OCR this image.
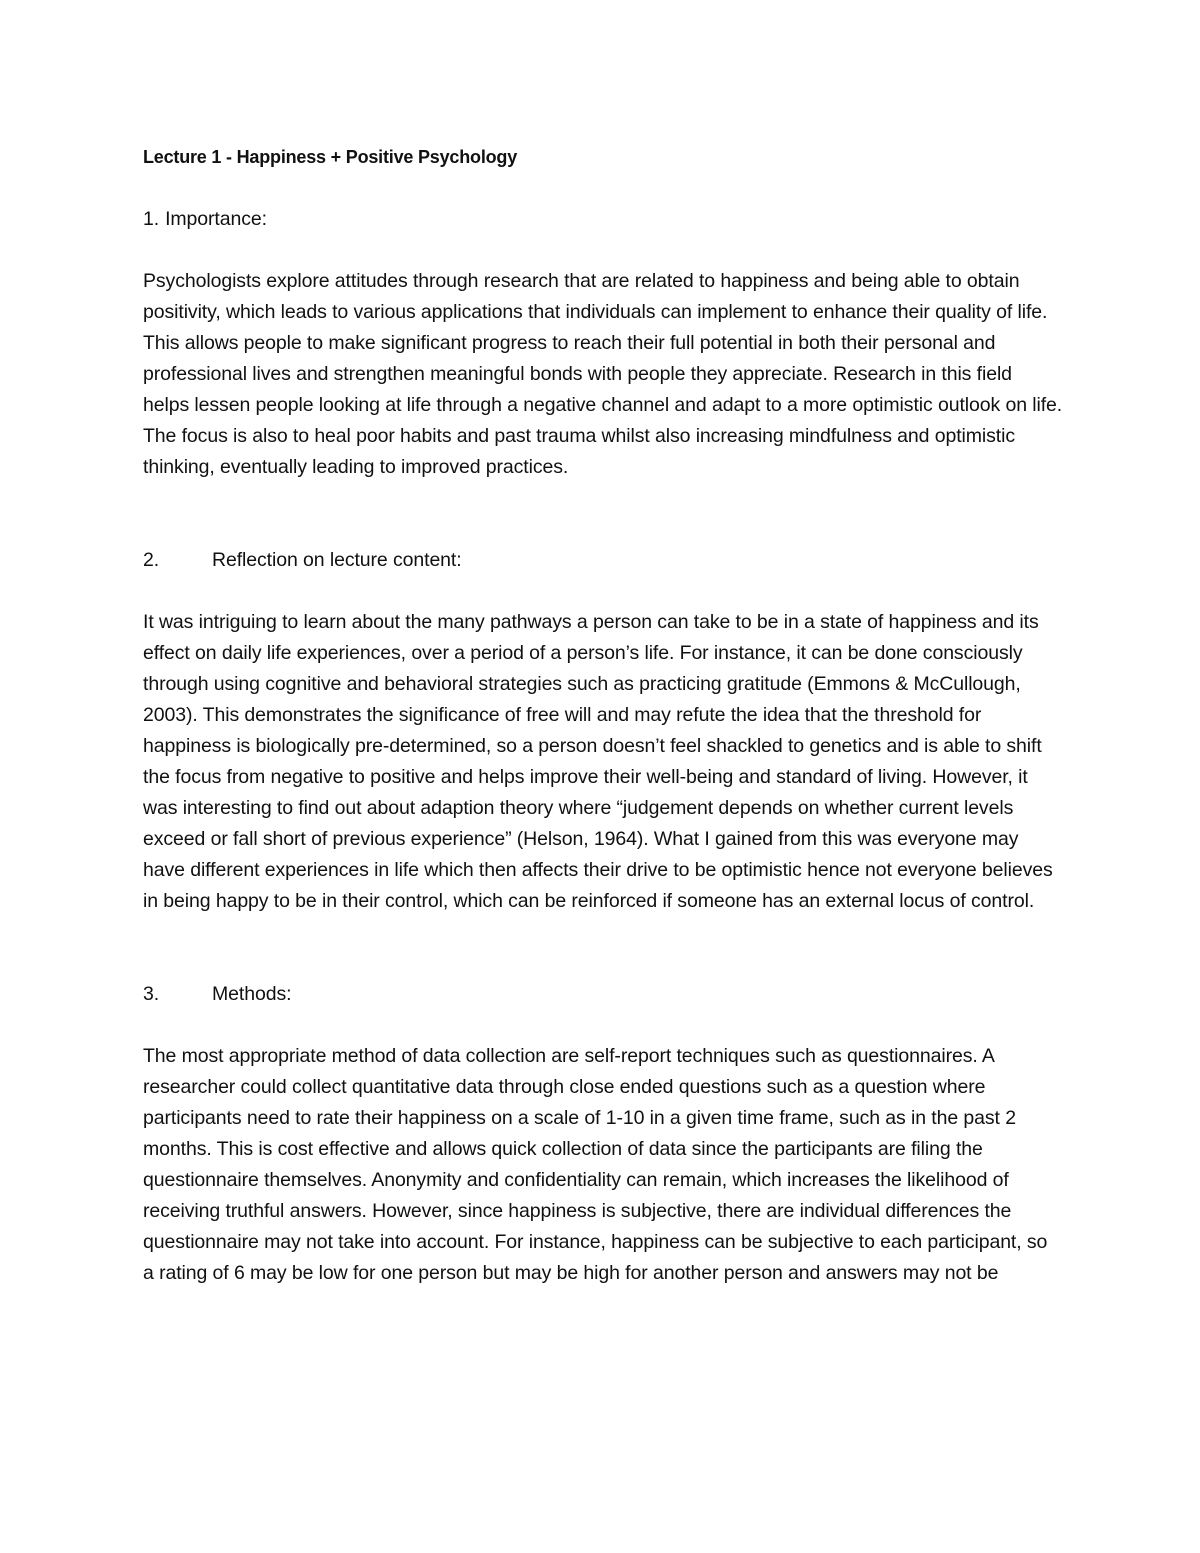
Lecture 1 - Happiness + Positive Psychology

1. Importance:

Psychologists explore attitudes through research that are related to happiness and being able to obtain positivity, which leads to various applications that individuals can implement to enhance their quality of life. This allows people to make significant progress to reach their full potential in both their personal and professional lives and strengthen meaningful bonds with people they appreciate. Research in this field helps lessen people looking at life through a negative channel and adapt to a more optimistic outlook on life. The focus is also to heal poor habits and past trauma whilst also increasing mindfulness and optimistic thinking, eventually leading to improved practices.

2.	Reflection on lecture content:

It was intriguing to learn about the many pathways a person can take to be in a state of happiness and its effect on daily life experiences, over a period of a person’s life. For instance, it can be done consciously through using cognitive and behavioral strategies such as practicing gratitude (Emmons & McCullough, 2003). This demonstrates the significance of free will and may refute the idea that the threshold for happiness is biologically pre-determined, so a person doesn’t feel shackled to genetics and is able to shift the focus from negative to positive and helps improve their well-being and standard of living. However, it was interesting to find out about adaption theory where “judgement depends on whether current levels exceed or fall short of previous experience” (Helson, 1964). What I gained from this was everyone may have different experiences in life which then affects their drive to be optimistic hence not everyone believes in being happy to be in their control, which can be reinforced if someone has an external locus of control.

3.	Methods:

The most appropriate method of data collection are self-report techniques such as questionnaires. A researcher could collect quantitative data through close ended questions such as a question where participants need to rate their happiness on a scale of 1-10 in a given time frame, such as in the past 2 months. This is cost effective and allows quick collection of data since the participants are filing the questionnaire themselves. Anonymity and confidentiality can remain, which increases the likelihood of receiving truthful answers. However, since happiness is subjective, there are individual differences the questionnaire may not take into account. For instance, happiness can be subjective to each participant, so a rating of 6 may be low for one person but may be high for another person and answers may not be
